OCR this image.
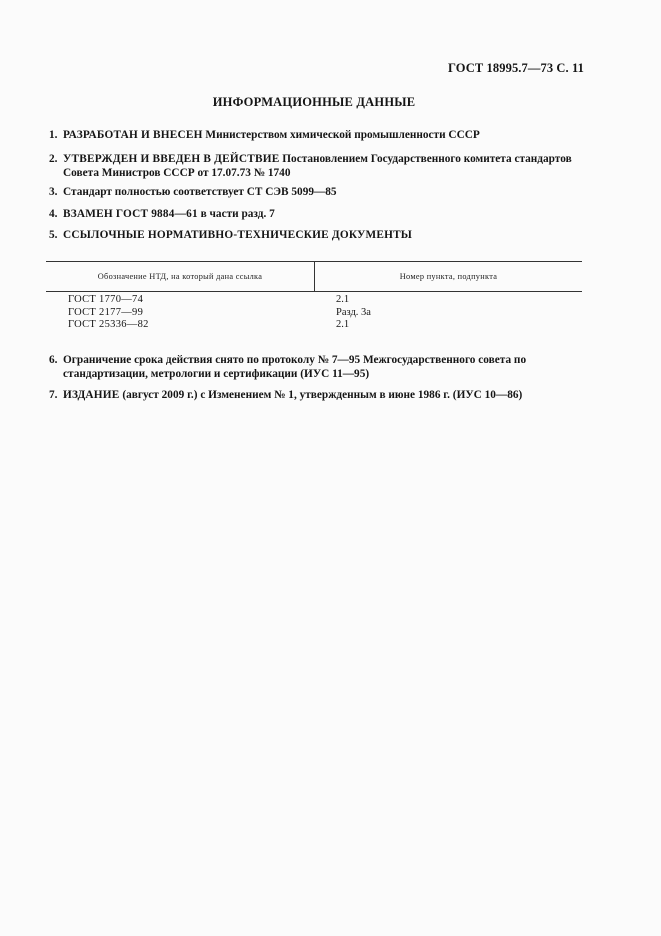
ГОСТ 18995.7—73 С. 11
ИНФОРМАЦИОННЫЕ ДАННЫЕ
1. РАЗРАБОТАН И ВНЕСЕН Министерством химической промышленности СССР
2. УТВЕРЖДЕН И ВВЕДЕН В ДЕЙСТВИЕ Постановлением Государственного комитета стандартов Совета Министров СССР от 17.07.73 № 1740
3. Стандарт полностью соответствует СТ СЭВ 5099—85
4. ВЗАМЕН ГОСТ 9884—61 в части разд. 7
5. ССЫЛОЧНЫЕ НОРМАТИВНО-ТЕХНИЧЕСКИЕ ДОКУМЕНТЫ
Обозначение НТД, на который дана ссылка	Номер пункта, подпункта
ГОСТ 1770—74
ГОСТ 2177—99
ГОСТ 25336—82
2.1
Разд. 3а
2.1
6. Ограничение срока действия снято по протоколу № 7—95 Межгосударственного совета по стандартизации, метрологии и сертификации (ИУС 11—95)
7. ИЗДАНИЕ (август 2009 г.) с Изменением № 1, утвержденным в июне 1986 г. (ИУС 10—86)
